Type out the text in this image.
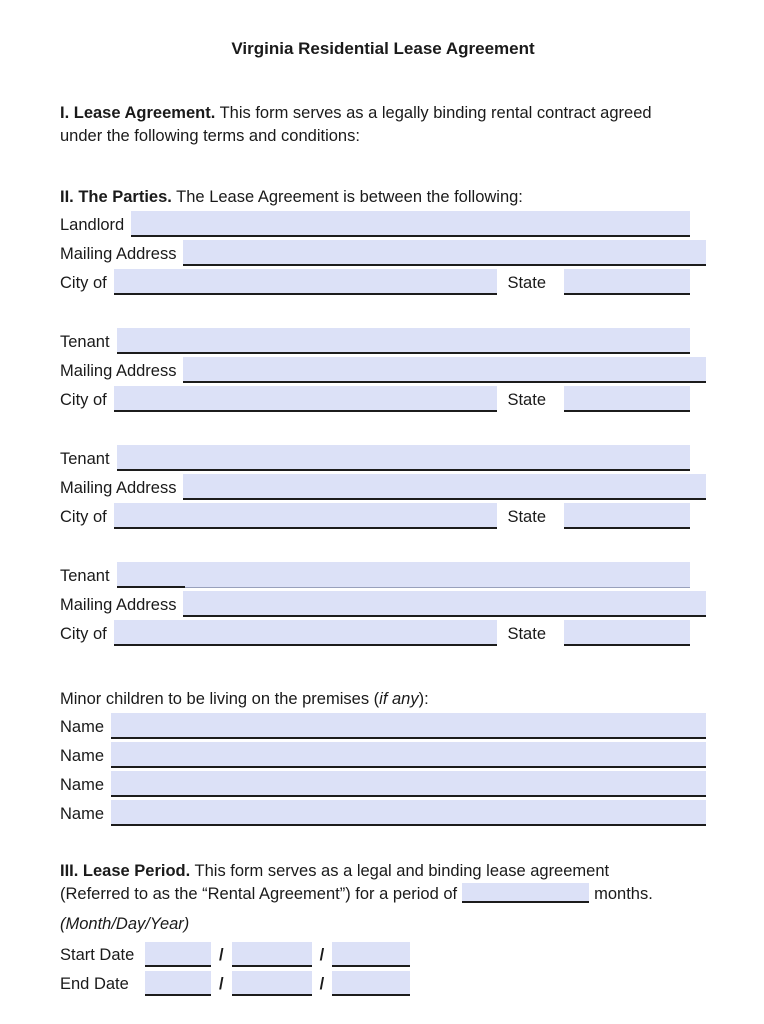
Virginia Residential Lease Agreement
I. Lease Agreement. This form serves as a legally binding rental contract agreed
under the following terms and conditions:
II. The Parties. The Lease Agreement is between the following:
Landlord
Mailing Address
City of	State
Tenant
Mailing Address
City of	State
Tenant
Mailing Address
City of	State
Tenant
Mailing Address
City of	State
Minor children to be living on the premises (if any):
Name
Name
Name
Name
III. Lease Period. This form serves as a legal and binding lease agreement
(Referred to as the “Rental Agreement”) for a period of	months.
(Month/Day/Year)
Start Date	/	/
End Date	/	/
